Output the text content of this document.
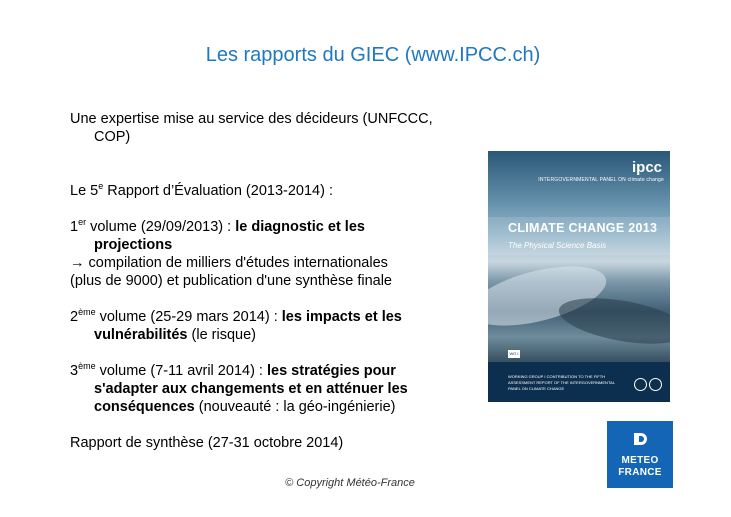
Les rapports du GIEC (www.IPCC.ch)

Une expertise mise au service des décideurs (UNFCCC,
COP)

Le 5e Rapport d’Évaluation (2013-2014) :

1er volume (29/09/2013) : le diagnostic et les
projections
→ compilation de milliers d'études internationales
(plus de 9000) et publication d'une synthèse finale

2ème volume (25-29 mars 2014) : les impacts et les
vulnérabilités (le risque)

3ème volume (7-11 avril 2014) : les stratégies pour
s'adapter aux changements et en atténuer les
conséquences (nouveauté : la géo-ingénierie)

Rapport de synthèse (27-31 octobre 2014)

ipcc
INTERGOVERNMENTAL PANEL ON climate change
CLIMATE CHANGE 2013
The Physical Science Basis
WG I
WORKING GROUP I CONTRIBUTION TO THE FIFTH ASSESSMENT REPORT OF THE INTERGOVERNMENTAL PANEL ON CLIMATE CHANGE
METEO
FRANCE
© Copyright Météo-France
